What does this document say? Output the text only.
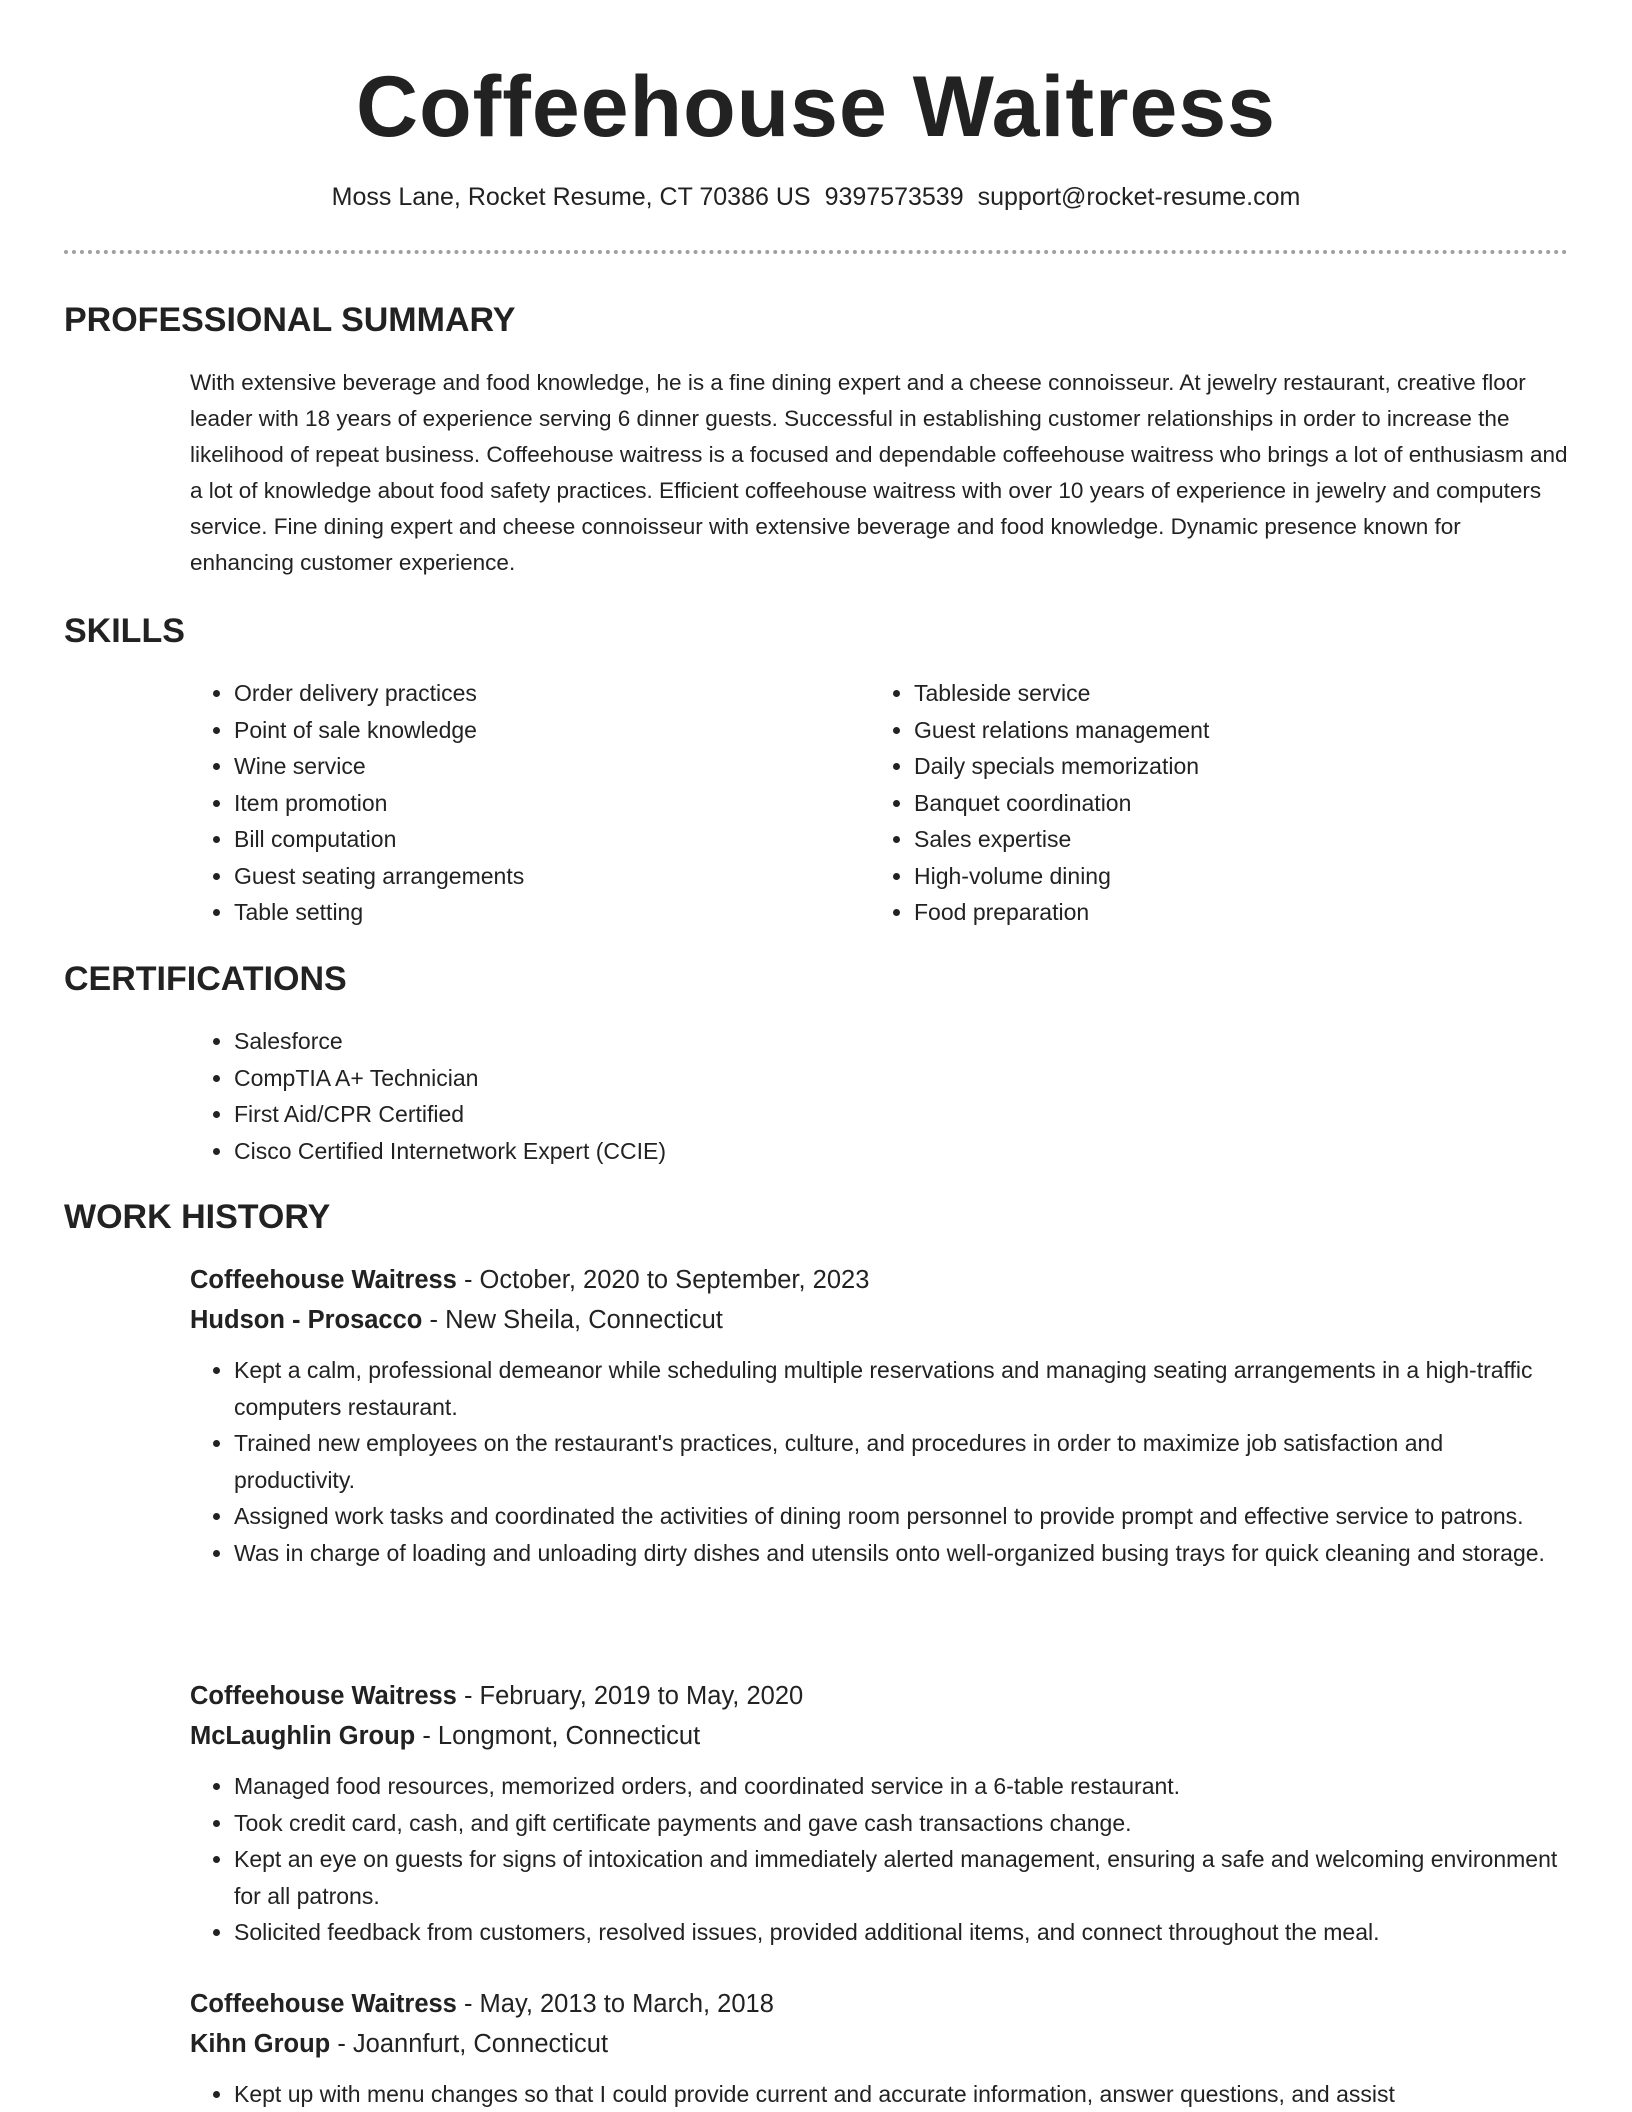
Coffeehouse Waitress
Moss Lane, Rocket Resume, CT 70386 US 9397573539 support@rocket-resume.com
PROFESSIONAL SUMMARY

With extensive beverage and food knowledge, he is a fine dining expert and a cheese connoisseur. At jewelry restaurant, creative floor leader with 18 years of experience serving 6 dinner guests. Successful in establishing customer relationships in order to increase the likelihood of repeat business. Coffeehouse waitress is a focused and dependable coffeehouse waitress who brings a lot of enthusiasm and a lot of knowledge about food safety practices. Efficient coffeehouse waitress with over 10 years of experience in jewelry and computers service. Fine dining expert and cheese connoisseur with extensive beverage and food knowledge. Dynamic presence known for enhancing customer experience.

SKILLS
• Order delivery practices
• Point of sale knowledge
• Wine service
• Item promotion
• Bill computation
• Guest seating arrangements
• Table setting
• Tableside service
• Guest relations management
• Daily specials memorization
• Banquet coordination
• Sales expertise
• High-volume dining
• Food preparation
CERTIFICATIONS
• Salesforce
• CompTIA A+ Technician
• First Aid/CPR Certified
• Cisco Certified Internetwork Expert (CCIE)
WORK HISTORY
Coffeehouse Waitress - October, 2020 to September, 2023
Hudson - Prosacco - New Sheila, Connecticut
• Kept a calm, professional demeanor while scheduling multiple reservations and managing seating arrangements in a high-traffic computers restaurant.
• Trained new employees on the restaurant's practices, culture, and procedures in order to maximize job satisfaction and productivity.
• Assigned work tasks and coordinated the activities of dining room personnel to provide prompt and effective service to patrons.
• Was in charge of loading and unloading dirty dishes and utensils onto well-organized busing trays for quick cleaning and storage.
Coffeehouse Waitress - February, 2019 to May, 2020
McLaughlin Group - Longmont, Connecticut
• Managed food resources, memorized orders, and coordinated service in a 6-table restaurant.
• Took credit card, cash, and gift certificate payments and gave cash transactions change.
• Kept an eye on guests for signs of intoxication and immediately alerted management, ensuring a safe and welcoming environment for all patrons.
• Solicited feedback from customers, resolved issues, provided additional items, and connect throughout the meal.
Coffeehouse Waitress - May, 2013 to March, 2018
Kihn Group - Joannfurt, Connecticut
• Kept up with menu changes so that I could provide current and accurate information, answer questions, and assist
